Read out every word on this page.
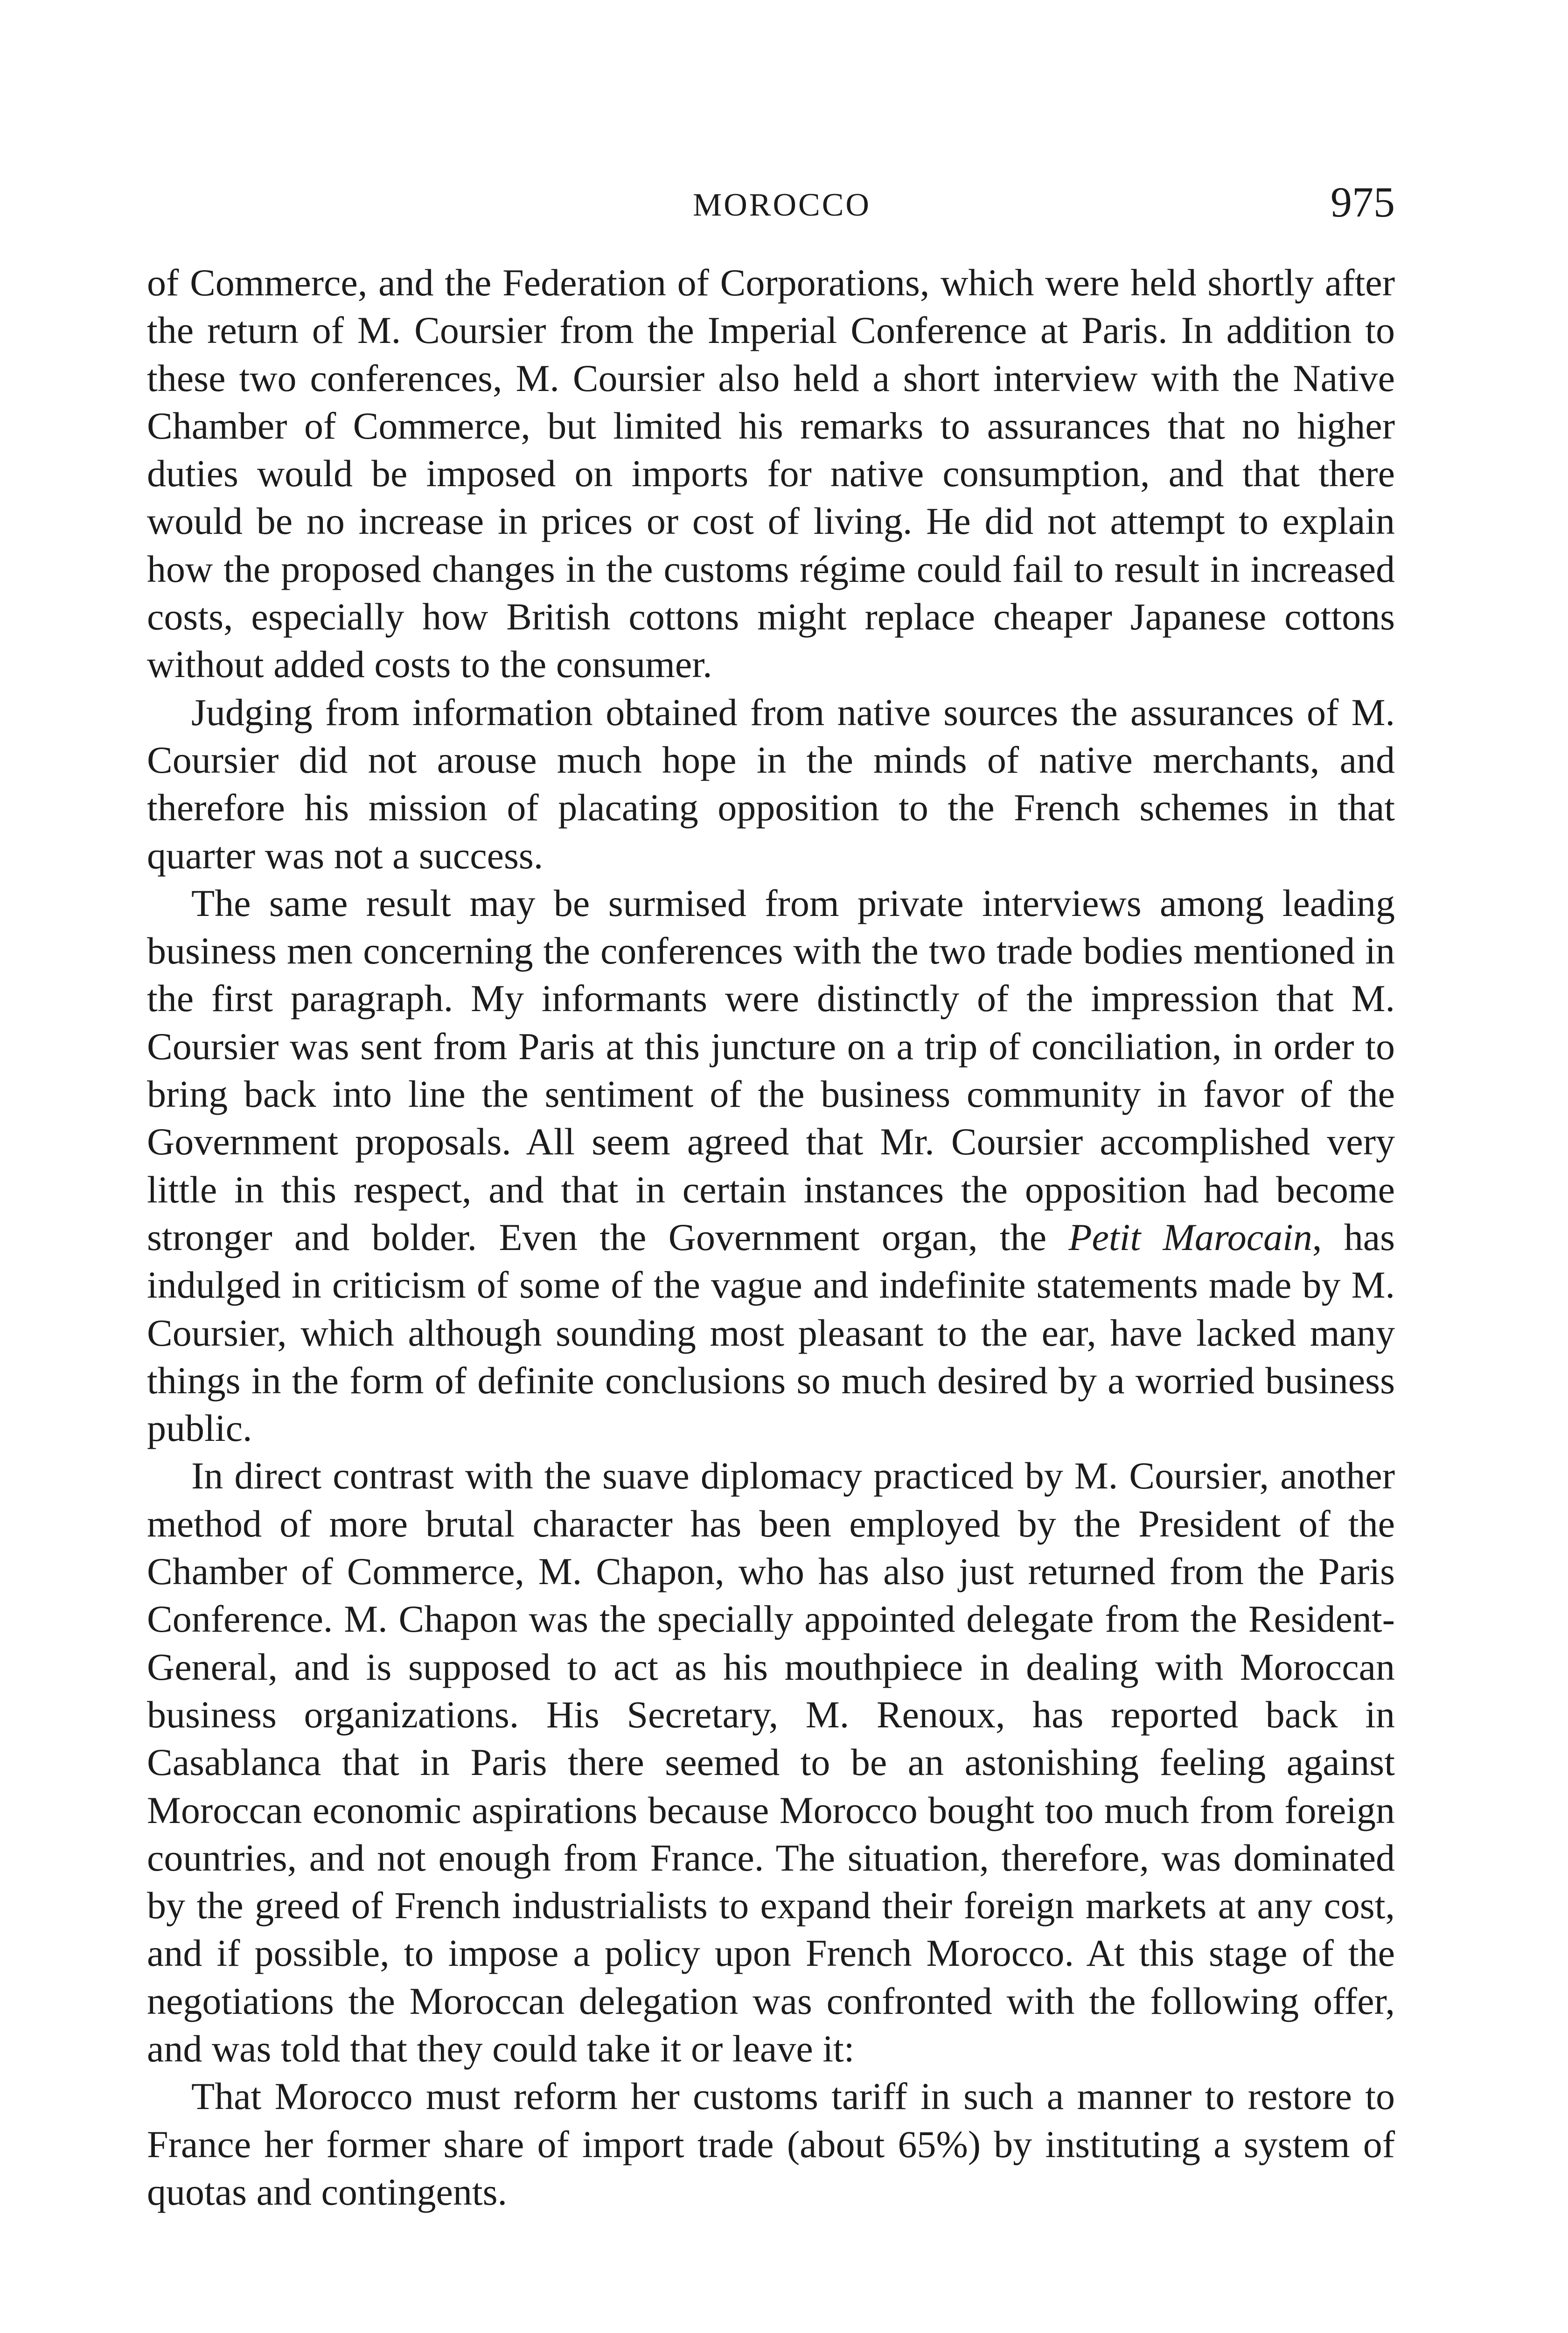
MOROCCO	975

of Commerce, and the Federation of Corporations, which were held shortly after the return of M. Coursier from the Imperial Conference at Paris. In addition to these two conferences, M. Coursier also held a short interview with the Native Chamber of Commerce, but limited his remarks to assurances that no higher duties would be imposed on imports for native consumption, and that there would be no increase in prices or cost of living. He did not attempt to explain how the proposed changes in the customs régime could fail to result in increased costs, especially how British cottons might replace cheaper Japanese cottons without added costs to the consumer.

Judging from information obtained from native sources the assurances of M. Coursier did not arouse much hope in the minds of native merchants, and therefore his mission of placating opposition to the French schemes in that quarter was not a success.

The same result may be surmised from private interviews among leading business men concerning the conferences with the two trade bodies mentioned in the first paragraph. My informants were distinctly of the impression that M. Coursier was sent from Paris at this juncture on a trip of conciliation, in order to bring back into line the sentiment of the business community in favor of the Government proposals. All seem agreed that Mr. Coursier accomplished very little in this respect, and that in certain instances the opposition had become stronger and bolder. Even the Government organ, the Petit Marocain, has indulged in criticism of some of the vague and indefinite statements made by M. Coursier, which although sounding most pleasant to the ear, have lacked many things in the form of definite conclusions so much desired by a worried business public.

In direct contrast with the suave diplomacy practiced by M. Coursier, another method of more brutal character has been employed by the President of the Chamber of Commerce, M. Chapon, who has also just returned from the Paris Conference. M. Chapon was the specially appointed delegate from the Resident-General, and is supposed to act as his mouthpiece in dealing with Moroccan business organizations. His Secretary, M. Renoux, has reported back in Casablanca that in Paris there seemed to be an astonishing feeling against Moroccan economic aspirations because Morocco bought too much from foreign countries, and not enough from France. The situation, therefore, was dominated by the greed of French industrialists to expand their foreign markets at any cost, and if possible, to impose a policy upon French Morocco. At this stage of the negotiations the Moroccan delegation was confronted with the following offer, and was told that they could take it or leave it:

That Morocco must reform her customs tariff in such a manner to restore to France her former share of import trade (about 65%) by instituting a system of quotas and contingents.
